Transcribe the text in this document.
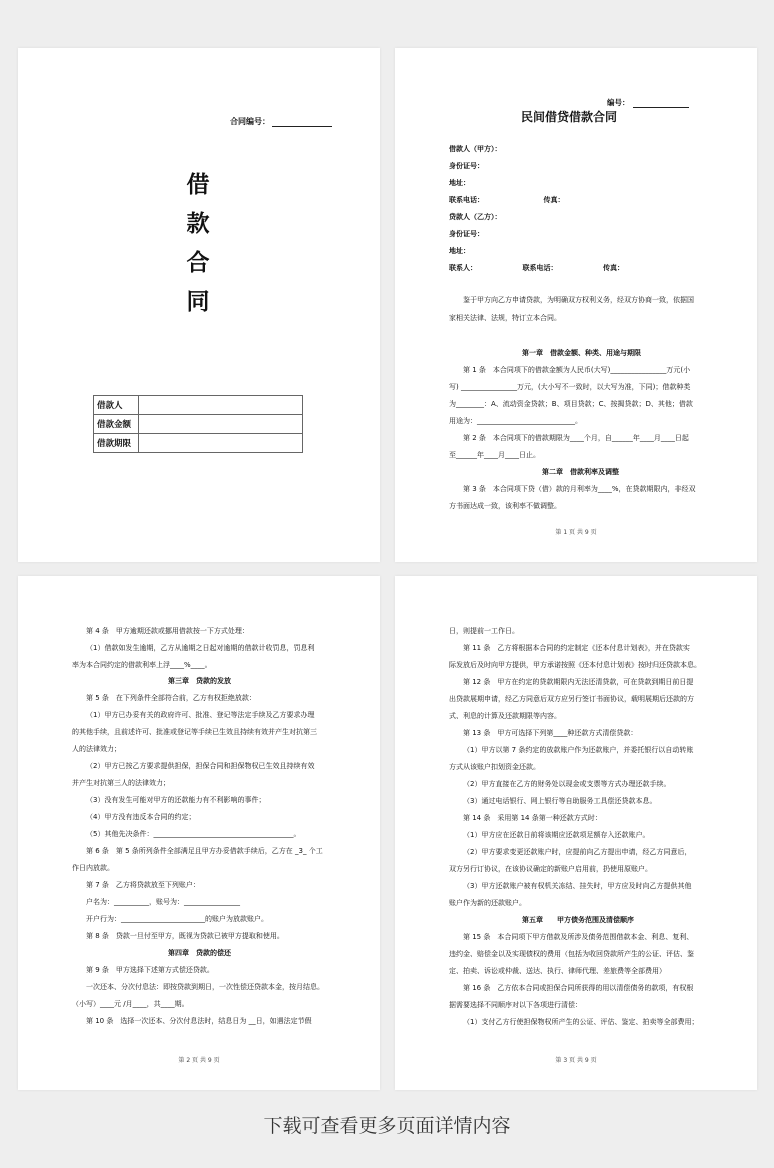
合同编号：
借
款
合
同
借款人	
借款金额	
借款期限	
编号：
民间借贷借款合同
借款人（甲方）：
身份证号：
地址：
联系电话：　　　　　　　　　传真：
贷款人（乙方）：
身份证号：
地址：
联系人：　　　　　　　联系电话：　　　　　　　传真：
鉴于甲方向乙方申请贷款，为明确双方权利义务，经双方协商一致，依据国
家相关法律、法规，特订立本合同。
第一章　借款金额、种类、用途与期限
第 1 条　本合同项下的借款金额为人民币(大写)________________万元(小
写) ________________万元，(大小写不一致时，以大写为准，下同)；借款种类
为________：A、流动资金贷款；B、项目贷款；C、按揭贷款；D、其他；借款
用途为：____________________________。
第 2 条　本合同项下的借款期限为____个月，自______年____月____日起
至______年____月____日止。
第二章　借款利率及调整
第 3 条　本合同项下贷（借）款的月利率为____%，在贷款期限内，非经双
方书面达成一致，该利率不做调整。
第 1 页 共 9 页
第 4 条　甲方逾期还款或挪用借款按一下方式处理：
（1）借款如发生逾期，乙方从逾期之日起对逾期的借款计收罚息，罚息利
率为本合同约定的借款利率上浮____%____。
第三章　贷款的发放
第 5 条　在下列条件全部符合前，乙方有权拒绝放款：
（1）甲方已办妥有关的政府许可、批准、登记等法定手续及乙方要求办理
的其他手续，且前述许可、批准或登记等手续已生效且持续有效并产生对抗第三
人的法律效力；
（2）甲方已按乙方要求提供担保，担保合同和担保物权已生效且持续有效
并产生对抗第三人的法律效力；
（3）没有发生可能对甲方的还款能力有不利影响的事件；
（4）甲方没有违反本合同的约定；
（5）其他先决条件：________________________________________。
第 6 条　第 5 条所列条件全部满足且甲方办妥借款手续后，乙方在 _3_ 个工
作日内放款。
第 7 条　乙方将贷款放至下列账户：
户名为：__________，账号为：________________
开户行为：________________________的账户为放款账户。
第 8 条　贷款一旦付至甲方，既视为贷款已被甲方提取和使用。
第四章　贷款的偿还
第 9 条　甲方选择下述第方式偿还贷款。
一次还本、分次付息法：即按贷款到期日，一次性偿还贷款本金，按月结息。
（小写）____元 /月____，共____期。
第 10 条　选择一次还本、分次付息法时，结息日为 __日，如遇法定节假
第 2 页 共 9 页
日，则提前一工作日。
第 11 条　乙方将根据本合同的约定制定《还本付息计划表》，并在贷款实
际发放后及时向甲方提供，甲方承诺按照《还本付息计划表》按时归还贷款本息。
第 12 条　甲方在约定的贷款期限内无法还清贷款，可在贷款到期日前日提
出贷款展期申请，经乙方同意后双方应另行签订书面协议，载明展期后还款的方
式、利息的计算及还款期限等内容。
第 13 条　甲方可选择下列第____种还款方式清偿贷款：
（1）甲方以第 7 条约定的放款账户作为还款账户，并委托银行以自动转账
方式从该账户扣划资金还款。
（2）甲方直接在乙方的财务处以现金或支票等方式办理还款手续。
（3）通过电话银行、网上银行等自助服务工具偿还贷款本息。
第 14 条　采用第 14 条第一种还款方式时：
（1）甲方应在还款日前将该期应还款项足额存入还款账户。
（2）甲方要求变更还款账户时，应提前向乙方提出申请，经乙方同意后，
双方另行订协议，在该协议确定的新账户启用前，扔使用原账户。
（3）甲方还款账户被有权机关冻结、挂失时，甲方应及时向乙方提供其他
账户作为新的还款账户。
第五章　　甲方债务范围及清偿顺序
第 15 条　本合同项下甲方借款及所涉及债务范围借款本金、利息、复利、
违约金、赔偿金以及实现债权的费用（包括为收回贷款所产生的公证、评估、鉴
定、拍卖、诉讼或仲裁、送达、执行、律师代理、差旅费等全部费用）
第 16 条　乙方依本合同或担保合同所获得的用以清偿债务的款项，有权根
据需要选择不同顺序对以下各项进行清偿：
（1）支付乙方行使担保物权所产生的公证、评估、鉴定、拍卖等全部费用；
第 3 页 共 9 页
下载可查看更多页面详情内容
